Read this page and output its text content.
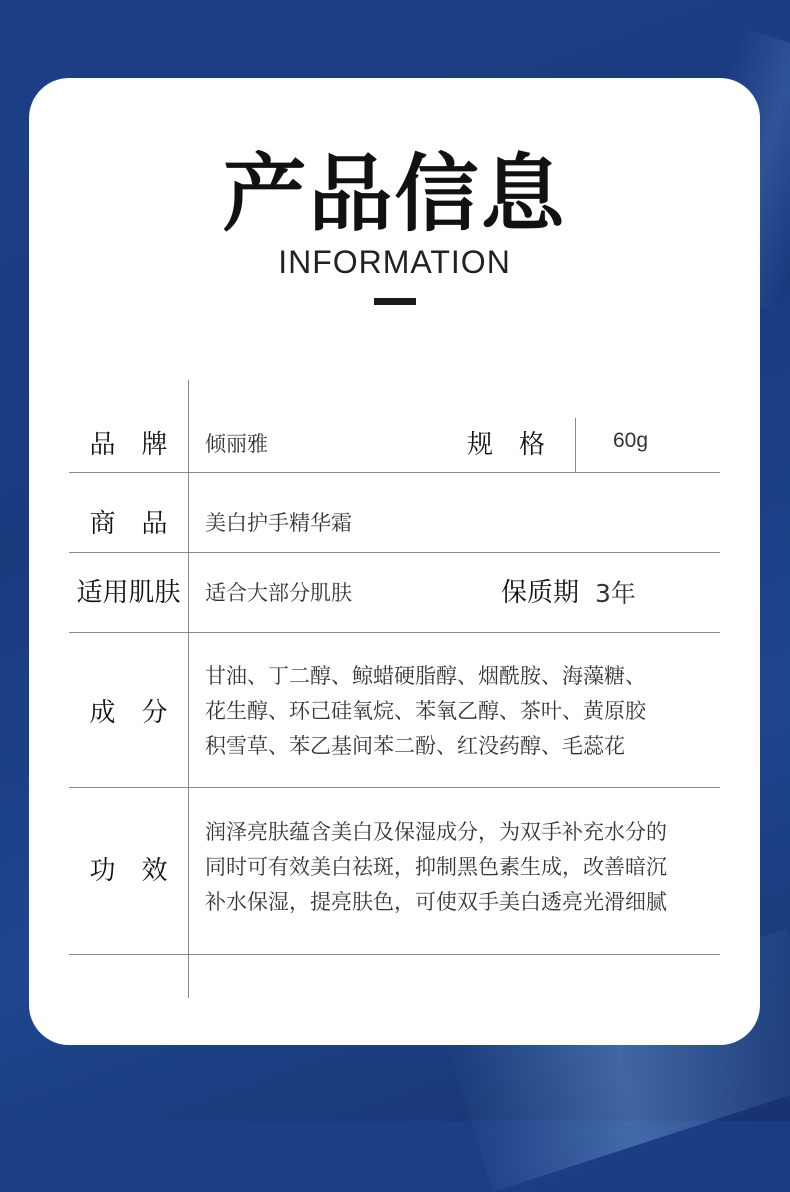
产品信息
INFORMATION
品　牌	倾丽雅	规　格	60g
商　品	美白护手精华霜
适用肌肤	适合大部分肌肤	保质期 3年
成　分
甘油、丁二醇、鲸蜡硬脂醇、烟酰胺、海藻糖、
花生醇、环己硅氧烷、苯氧乙醇、茶叶、黄原胶
积雪草、苯乙基间苯二酚、红没药醇、毛蕊花
功　效
润泽亮肤蕴含美白及保湿成分，为双手补充水分的
同时可有效美白祛斑，抑制黑色素生成，改善暗沉
补水保湿，提亮肤色，可使双手美白透亮光滑细腻
